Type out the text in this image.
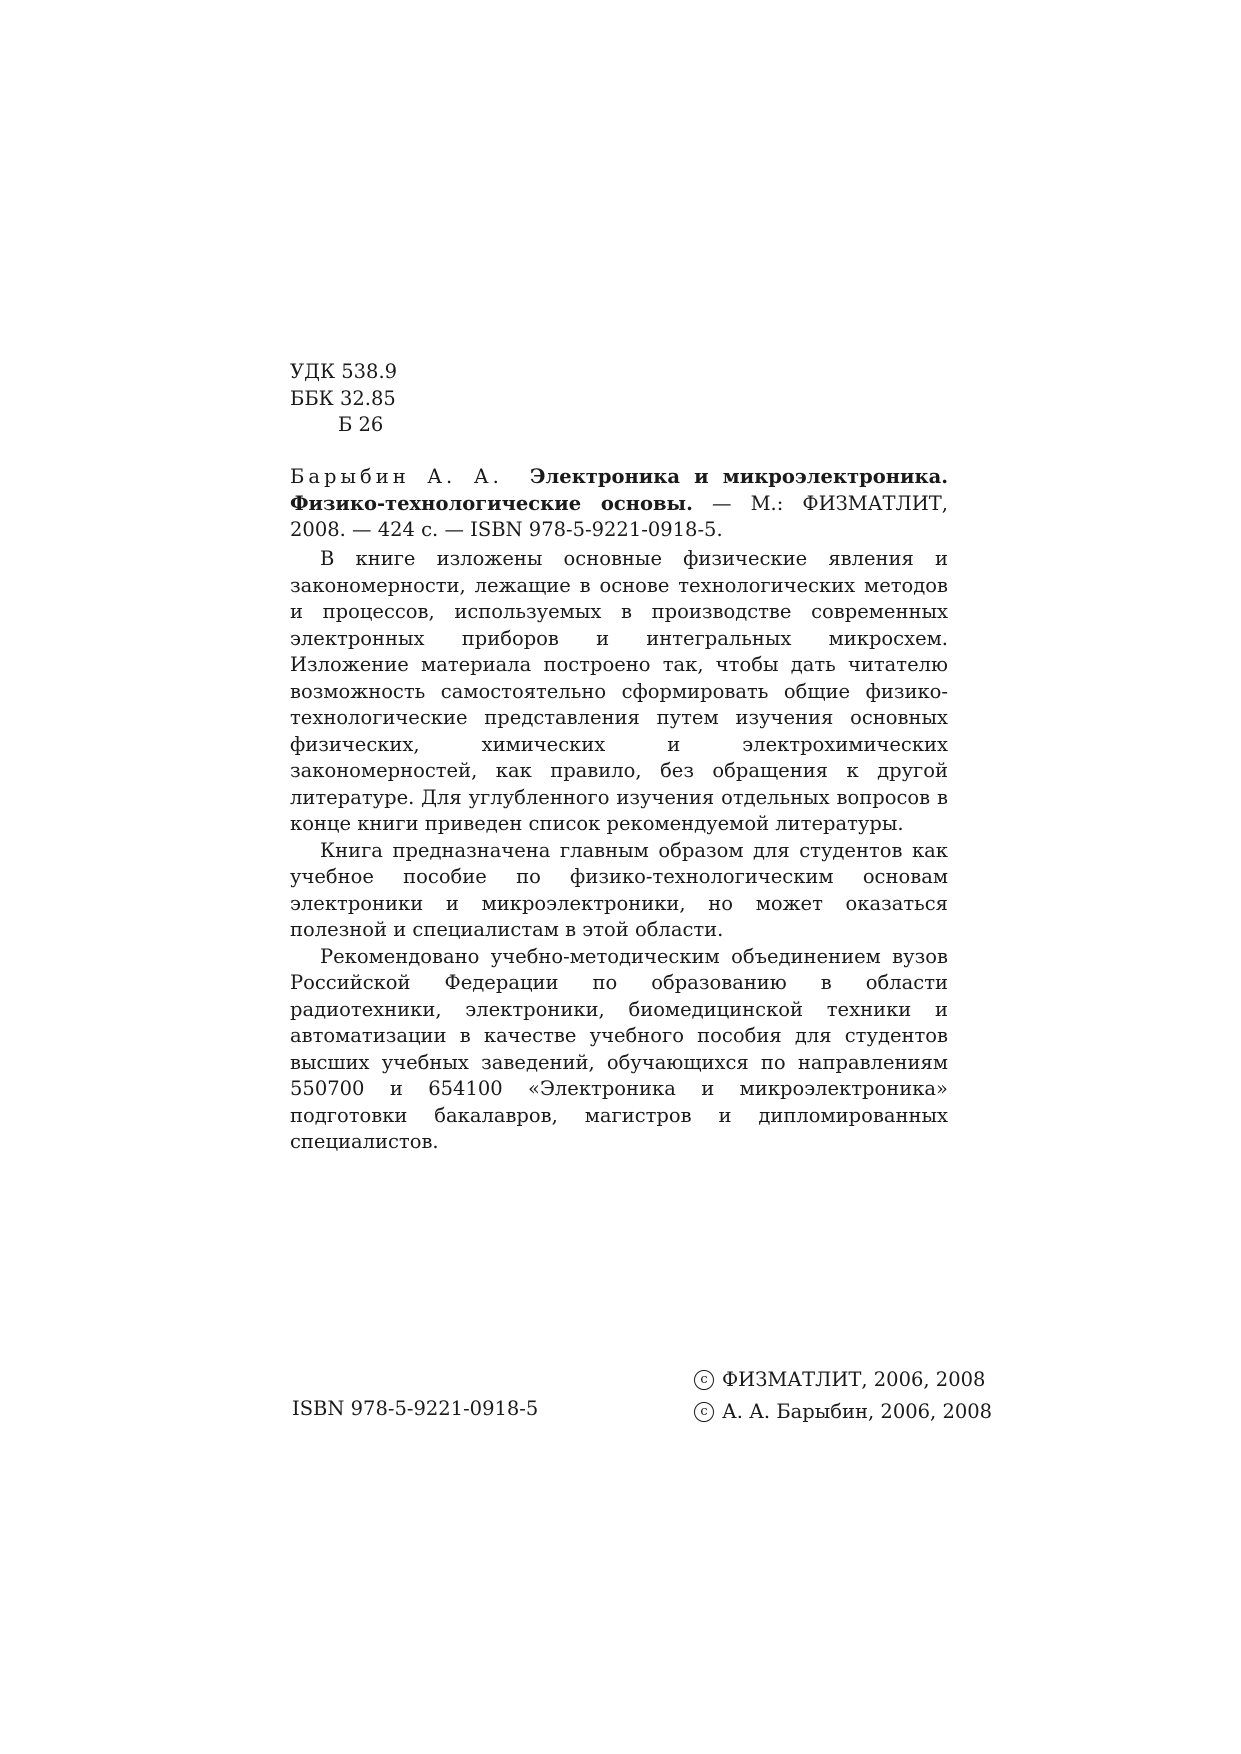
УДК 538.9
ББК 32.85
Б 26
Барыбин А. А. Электроника и микроэлектроника. Физико-технологические основы. — М.: ФИЗМАТЛИТ, 2008. — 424 с. — ISBN 978-5-9221-0918-5.

В книге изложены основные физические явления и закономерности, лежащие в основе технологических методов и процессов, используемых в производстве современных электронных приборов и интегральных микросхем. Изложение материала построено так, чтобы дать читателю возможность самостоятельно сформировать общие физико-технологические представления путем изучения основных физических, химических и электрохимических закономерностей, как правило, без обращения к другой литературе. Для углубленного изучения отдельных вопросов в конце книги приведен список рекомендуемой литературы.

Книга предназначена главным образом для студентов как учебное пособие по физико-технологическим основам электроники и микроэлектроники, но может оказаться полезной и специалистам в этой области.

Рекомендовано учебно-методическим объединением вузов Российской Федерации по образованию в области радиотехники, электроники, биомедицинской техники и автоматизации в качестве учебного пособия для студентов высших учебных заведений, обучающихся по направлениям 550700 и 654100 «Электроника и микроэлектроника» подготовки бакалавров, магистров и дипломированных специалистов.

ISBN 978-5-9221-0918-5
c ФИЗМАТЛИТ, 2006, 2008
c А. А. Барыбин, 2006, 2008
